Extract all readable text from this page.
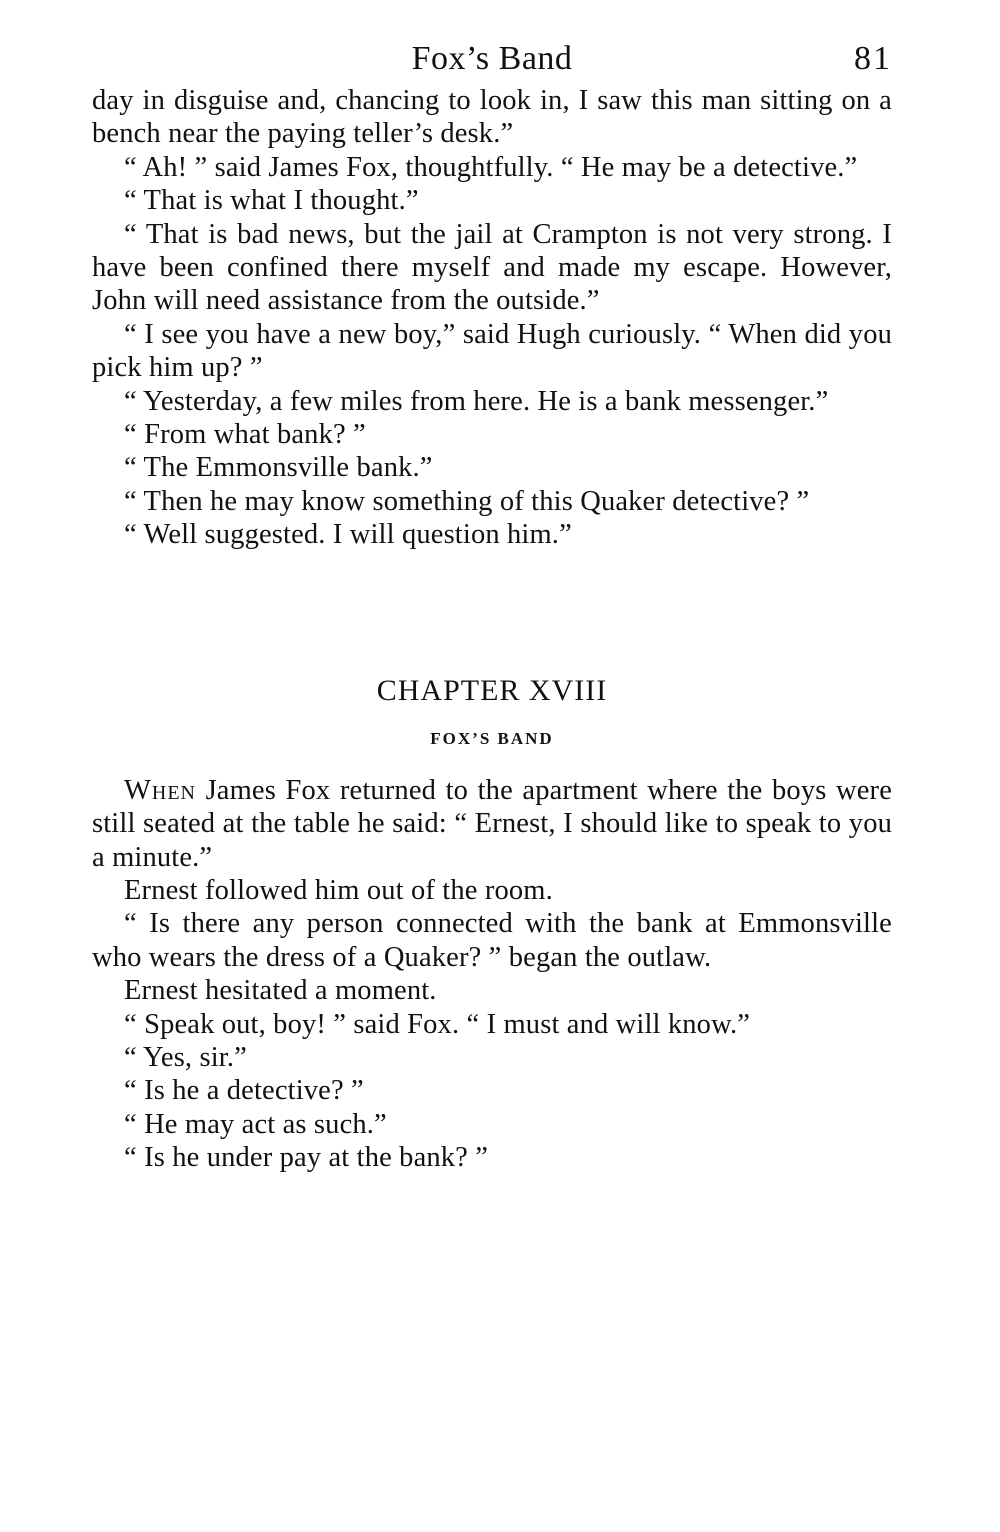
Fox’s Band	81

day in disguise and, chancing to look in, I saw this man sitting on a bench near the paying teller’s desk.”

“ Ah! ” said James Fox, thoughtfully. “ He may be a detective.”

“ That is what I thought.”

“ That is bad news, but the jail at Crampton is not very strong. I have been confined there myself and made my escape. However, John will need assistance from the outside.”

“ I see you have a new boy,” said Hugh curiously. “ When did you pick him up? ”

“ Yesterday, a few miles from here. He is a bank messenger.”

“ From what bank? ”

“ The Emmonsville bank.”

“ Then he may know something of this Quaker detective? ”

“ Well suggested. I will question him.”

CHAPTER XVIII
FOX’S BAND

When James Fox returned to the apartment where the boys were still seated at the table he said: “ Ernest, I should like to speak to you a minute.”

Ernest followed him out of the room.

“ Is there any person connected with the bank at Emmonsville who wears the dress of a Quaker? ” began the outlaw.

Ernest hesitated a moment.

“ Speak out, boy! ” said Fox. “ I must and will know.”

“ Yes, sir.”

“ Is he a detective? ”

“ He may act as such.”

“ Is he under pay at the bank? ”
